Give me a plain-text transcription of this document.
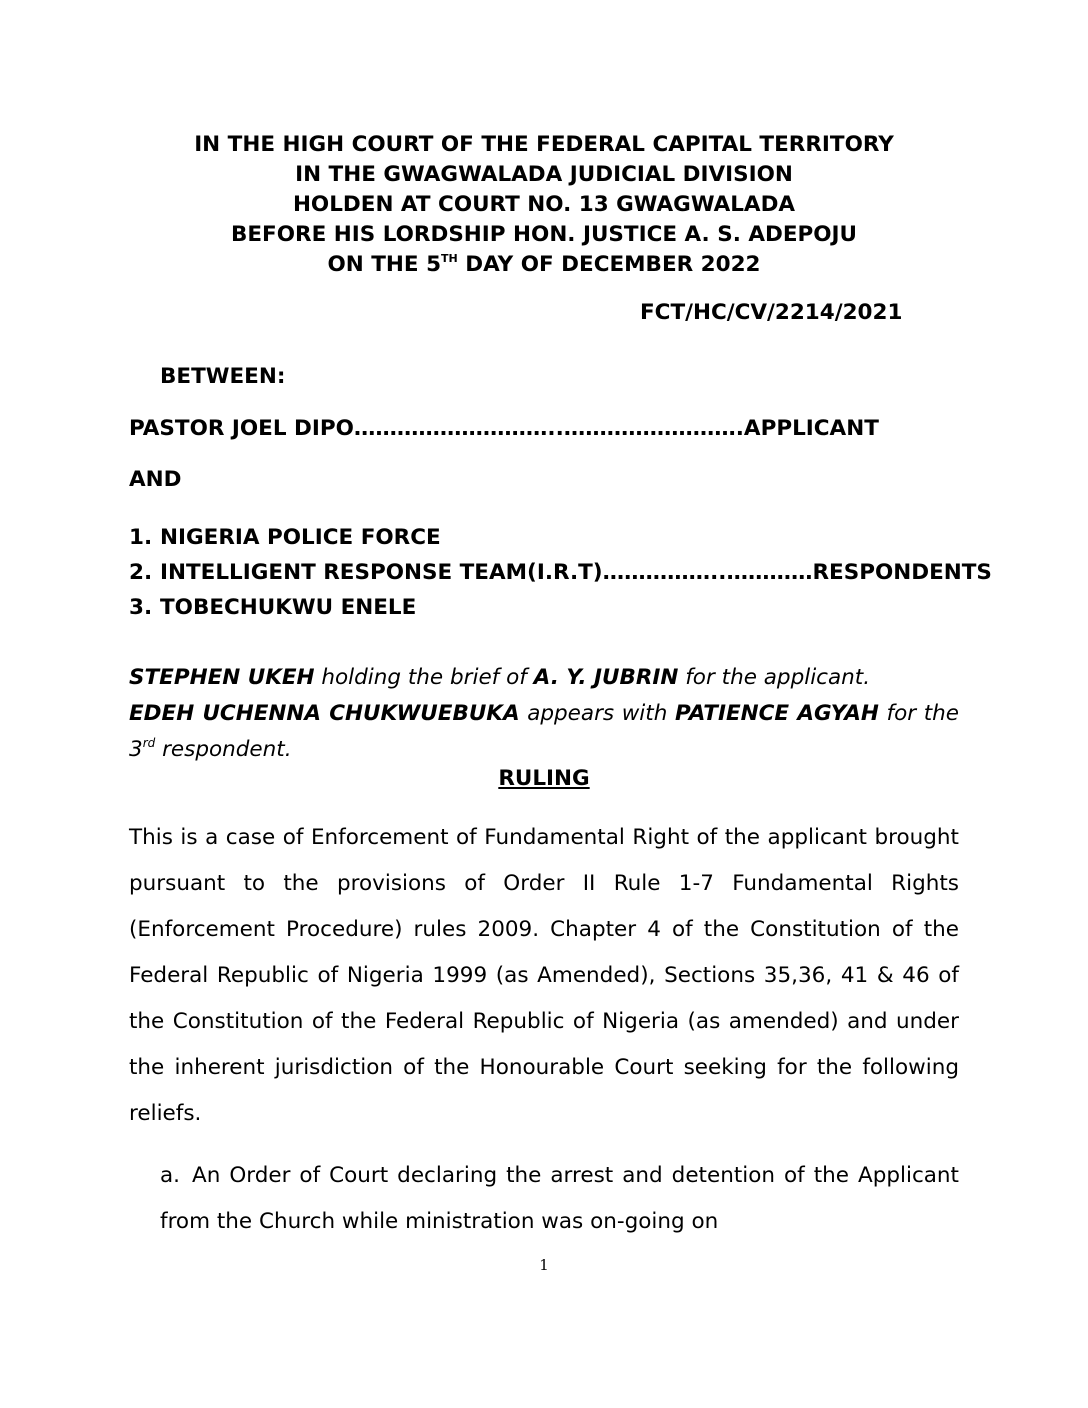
IN THE HIGH COURT OF THE FEDERAL CAPITAL TERRITORY
IN THE GWAGWALADA JUDICIAL DIVISION
HOLDEN AT COURT NO. 13 GWAGWALADA
BEFORE HIS LORDSHIP HON. JUSTICE A. S. ADEPOJU
ON THE 5TH DAY OF DECEMBER 2022
FCT/HC/CV/2214/2021
BETWEEN:
PASTOR JOEL DIPO………………………..…………………….APPLICANT
AND
1. NIGERIA POLICE FORCE
2. INTELLIGENT RESPONSE TEAM(I.R.T)……………..…………RESPONDENTS
3. TOBECHUKWU ENELE
STEPHEN UKEH holding the brief of A. Y. JUBRIN for the applicant.
EDEH UCHENNA CHUKWUEBUKA appears with PATIENCE AGYAH for the 3rd respondent.
RULING

This is a case of Enforcement of Fundamental Right of the applicant brought pursuant to the provisions of Order II Rule 1-7 Fundamental Rights (Enforcement Procedure) rules 2009. Chapter 4 of the Constitution of the Federal Republic of Nigeria 1999 (as Amended), Sections 35,36, 41 & 46 of the Constitution of the Federal Republic of Nigeria (as amended) and under the inherent jurisdiction of the Honourable Court seeking for the following reliefs.

a. An Order of Court declaring the arrest and detention of the Applicant from the Church while ministration was on-going on
1
